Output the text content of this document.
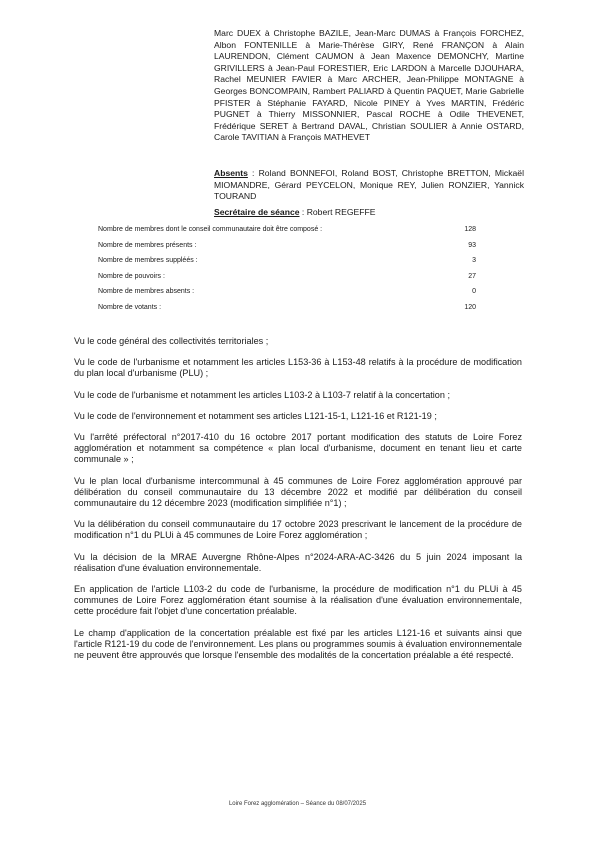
Marc DUEX à Christophe BAZILE, Jean-Marc DUMAS à François FORCHEZ, Albon FONTENILLE à Marie-Thérèse GIRY, René FRANÇON à Alain LAURENDON, Clément CAUMON à Jean Maxence DEMONCHY, Martine GRIVILLERS à Jean-Paul FORESTIER, Eric LARDON à Marcelle DJOUHARA, Rachel MEUNIER FAVIER à Marc ARCHER, Jean-Philippe MONTAGNE à Georges BONCOMPAIN, Rambert PALIARD à Quentin PAQUET, Marie Gabrielle PFISTER à Stéphanie FAYARD, Nicole PINEY à Yves MARTIN, Frédéric PUGNET à Thierry MISSONNIER, Pascal ROCHE à Odile THEVENET, Frédérique SERET à Bertrand DAVAL, Christian SOULIER à Annie OSTARD, Carole TAVITIAN à François MATHEVET
Absents : Roland BONNEFOI, Roland BOST, Christophe BRETTON, Mickaël MIOMANDRE, Gérard PEYCELON, Monique REY, Julien RONZIER, Yannick TOURAND
Secrétaire de séance : Robert REGEFFE
Nombre de membres dont le conseil communautaire doit être composé :	128
Nombre de membres présents :	93
Nombre de membres suppléés :	3
Nombre de pouvoirs :	27
Nombre de membres absents :	0
Nombre de votants :	120

Vu le code général des collectivités territoriales ;

Vu le code de l'urbanisme et notamment les articles L153-36 à L153-48 relatifs à la procédure de modification du plan local d'urbanisme (PLU) ;

Vu le code de l'urbanisme et notamment les articles L103-2 à L103-7 relatif à la concertation ;

Vu le code de l'environnement et notamment ses articles L121-15-1, L121-16 et R121-19 ;

Vu l'arrêté préfectoral n°2017-410 du 16 octobre 2017 portant modification des statuts de Loire Forez agglomération et notamment sa compétence « plan local d'urbanisme, document en tenant lieu et carte communale » ;

Vu le plan local d'urbanisme intercommunal à 45 communes de Loire Forez agglomération approuvé par délibération du conseil communautaire du 13 décembre 2022 et modifié par délibération du conseil communautaire du 12 décembre 2023 (modification simplifiée n°1) ;

Vu la délibération du conseil communautaire du 17 octobre 2023 prescrivant le lancement de la procédure de modification n°1 du PLUi à 45 communes de Loire Forez agglomération ;

Vu la décision de la MRAE Auvergne Rhône-Alpes n°2024-ARA-AC-3426 du 5 juin 2024 imposant la réalisation d'une évaluation environnementale.

En application de l'article L103-2 du code de l'urbanisme, la procédure de modification n°1 du PLUi à 45 communes de Loire Forez agglomération étant soumise à la réalisation d'une évaluation environnementale, cette procédure fait l'objet d'une concertation préalable.

Le champ d'application de la concertation préalable est fixé par les articles L121-16 et suivants ainsi que l'article R121-19 du code de l'environnement. Les plans ou programmes soumis à évaluation environnementale ne peuvent être approuvés que lorsque l'ensemble des modalités de la concertation préalable a été respecté.

Loire Forez agglomération – Séance du 08/07/2025
